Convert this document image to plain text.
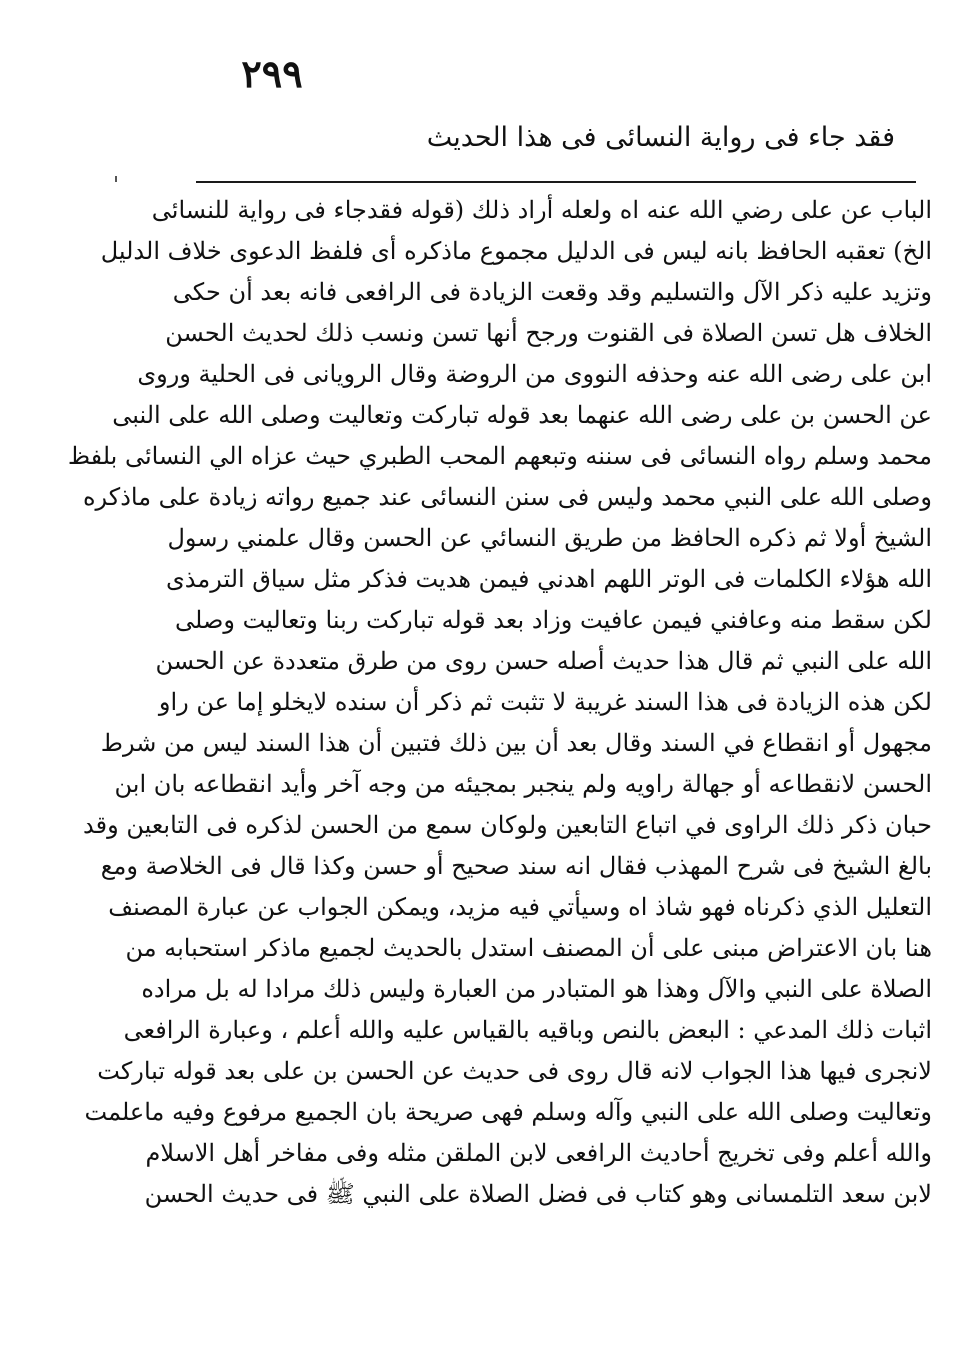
٢٩٩
فقد جاء فى رواية النسائى فى هذا الحديث
الباب عن على رضي الله عنه اه ولعله أراد ذلك (قوله فقدجاء فى رواية للنسائى
الخ) تعقبه الحافظ بانه ليس فى الدليل مجموع ماذكره أى فلفظ الدعوى خلاف الدليل
وتزيد عليه ذكر الآل والتسليم وقد وقعت الزيادة فى الرافعى فانه بعد أن حكى
الخلاف هل تسن الصلاة فى القنوت ورجح أنها تسن ونسب ذلك لحديث الحسن
ابن على رضى الله عنه وحذفه النووى من الروضة وقال الرويانى فى الحلية وروى
عن الحسن بن على رضى الله عنهما بعد قوله تباركت وتعاليت وصلى الله على النبى
محمد وسلم رواه النسائى فى سننه وتبعهم المحب الطبري حيث عزاه الي النسائى بلفظ
وصلى الله على النبي محمد وليس فى سنن النسائى عند جميع رواته زيادة على ماذكره
الشيخ أولا ثم ذكره الحافظ من طريق النسائي عن الحسن وقال علمني رسول
الله هؤلاء الكلمات فى الوتر اللهم اهدني فيمن هديت فذكر مثل سياق الترمذى
لكن سقط منه وعافني فيمن عافيت وزاد بعد قوله تباركت ربنا وتعاليت وصلى
الله على النبي ثم قال هذا حديث أصله حسن روى من طرق متعددة عن الحسن
لكن هذه الزيادة فى هذا السند غريبة لا تثبت ثم ذكر أن سنده لايخلو إما عن راو
مجهول أو انقطاع في السند وقال بعد أن بين ذلك فتبين أن هذا السند ليس من شرط
الحسن لانقطاعه أو جهالة راويه ولم ينجبر بمجيئه من وجه آخر وأيد انقطاعه بان ابن
حبان ذكر ذلك الراوى في اتباع التابعين ولوكان سمع من الحسن لذكره فى التابعين وقد
بالغ الشيخ فى شرح المهذب فقال انه سند صحيح أو حسن وكذا قال فى الخلاصة ومع
التعليل الذي ذكرناه فهو شاذ اه وسيأتي فيه مزيد، ويمكن الجواب عن عبارة المصنف
هنا بان الاعتراض مبنى على أن المصنف استدل بالحديث لجميع ماذكر استحبابه من
الصلاة على النبي والآل وهذا هو المتبادر من العبارة وليس ذلك مرادا له بل مراده
اثبات ذلك المدعي : البعض بالنص وباقيه بالقياس عليه والله أعلم ، وعبارة الرافعى
لانجرى فيها هذا الجواب لانه قال روى فى حديث عن الحسن بن على بعد قوله تباركت
وتعاليت وصلى الله على النبي وآله وسلم فهى صريحة بان الجميع مرفوع وفيه ماعلمت
والله أعلم وفى تخريج أحاديث الرافعى لابن الملقن مثله وفى مفاخر أهل الاسلام
لابن سعد التلمسانى وهو كتاب فى فضل الصلاة على النبي ﷺ فى حديث الحسن
